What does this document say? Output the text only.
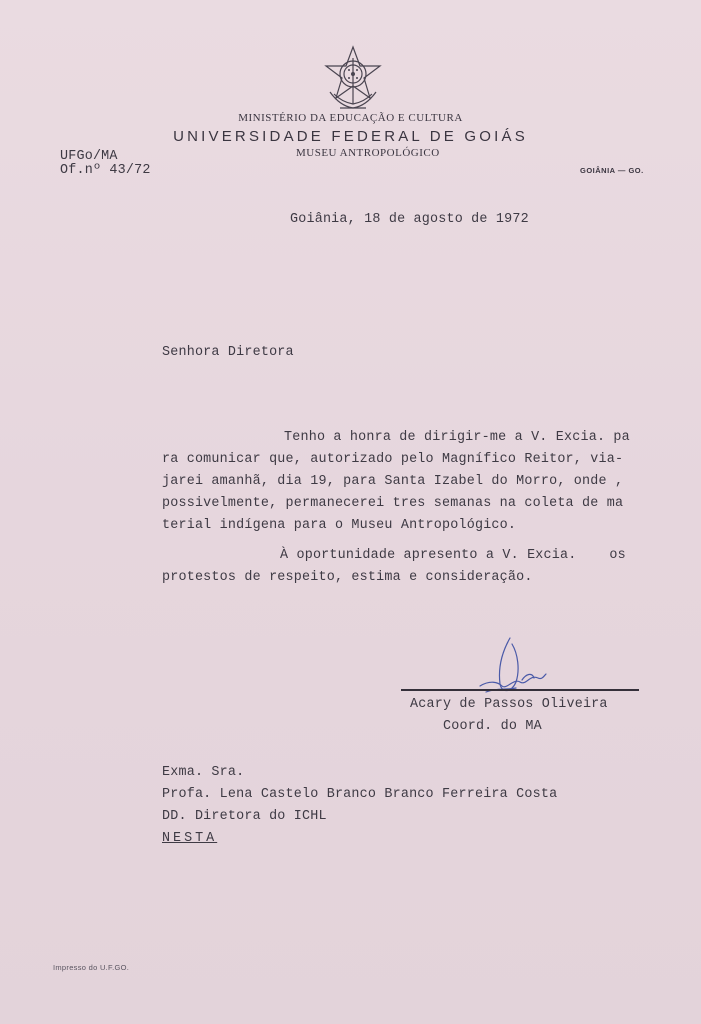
MINISTÉRIO DA EDUCAÇÃO E CULTURA
UNIVERSIDADE FEDERAL DE GOIÁS
MUSEU ANTROPOLÓGICO
GOIÂNIA — GO.
UFGo/MA
Of.nº 43/72
Goiânia, 18 de agosto de 1972
Senhora Diretora
Tenho a honra de dirigir-me a V. Excia. pa
ra comunicar que, autorizado pelo Magnífico Reitor, via-
jarei amanhã, dia 19, para Santa Izabel do Morro, onde ,
possivelmente, permanecerei tres semanas na coleta de ma
terial indígena para o Museu Antropológico.
À oportunidade apresento a V. Excia.    os
protestos de respeito, estima e consideração.
Acary de Passos Oliveira
Coord. do MA
Exma. Sra.
Profa. Lena Castelo Branco Branco Ferreira Costa
DD. Diretora do ICHL
NESTA
Impresso do U.F.GO.
